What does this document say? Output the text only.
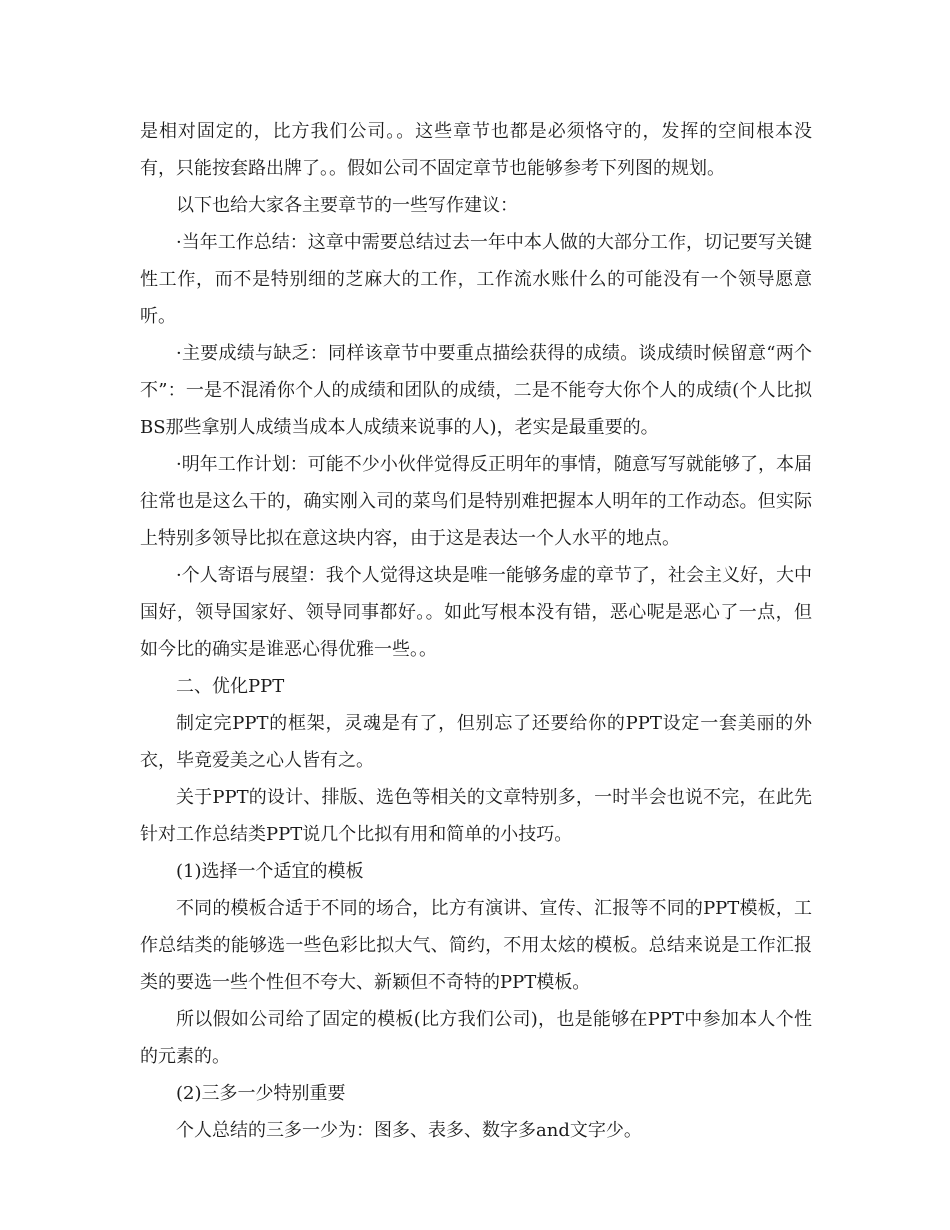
是相对固定的，比方我们公司。。这些章节也都是必须恪守的，发挥的空间根本没有，只能按套路出牌了。。假如公司不固定章节也能够参考下列图的规划。

以下也给大家各主要章节的一些写作建议：

·当年工作总结：这章中需要总结过去一年中本人做的大部分工作，切记要写关键性工作，而不是特别细的芝麻大的工作，工作流水账什么的可能没有一个领导愿意听。

·主要成绩与缺乏：同样该章节中要重点描绘获得的成绩。谈成绩时候留意“两个不”：一是不混淆你个人的成绩和团队的成绩，二是不能夸大你个人的成绩(个人比拟BS那些拿别人成绩当成本人成绩来说事的人)，老实是最重要的。

·明年工作计划：可能不少小伙伴觉得反正明年的事情，随意写写就能够了，本届往常也是这么干的，确实刚入司的菜鸟们是特别难把握本人明年的工作动态。但实际上特别多领导比拟在意这块内容，由于这是表达一个人水平的地点。

·个人寄语与展望：我个人觉得这块是唯一能够务虚的章节了，社会主义好，大中国好，领导国家好、领导同事都好。。如此写根本没有错，恶心呢是恶心了一点，但如今比的确实是谁恶心得优雅一些。。

二、优化PPT

制定完PPT的框架，灵魂是有了，但别忘了还要给你的PPT设定一套美丽的外衣，毕竟爱美之心人皆有之。

关于PPT的设计、排版、选色等相关的文章特别多，一时半会也说不完，在此先针对工作总结类PPT说几个比拟有用和简单的小技巧。

(1)选择一个适宜的模板

不同的模板合适于不同的场合，比方有演讲、宣传、汇报等不同的PPT模板，工作总结类的能够选一些色彩比拟大气、简约，不用太炫的模板。总结来说是工作汇报类的要选一些个性但不夸大、新颖但不奇特的PPT模板。

所以假如公司给了固定的模板(比方我们公司)，也是能够在PPT中参加本人个性的元素的。

(2)三多一少特别重要

个人总结的三多一少为：图多、表多、数字多and文字少。
